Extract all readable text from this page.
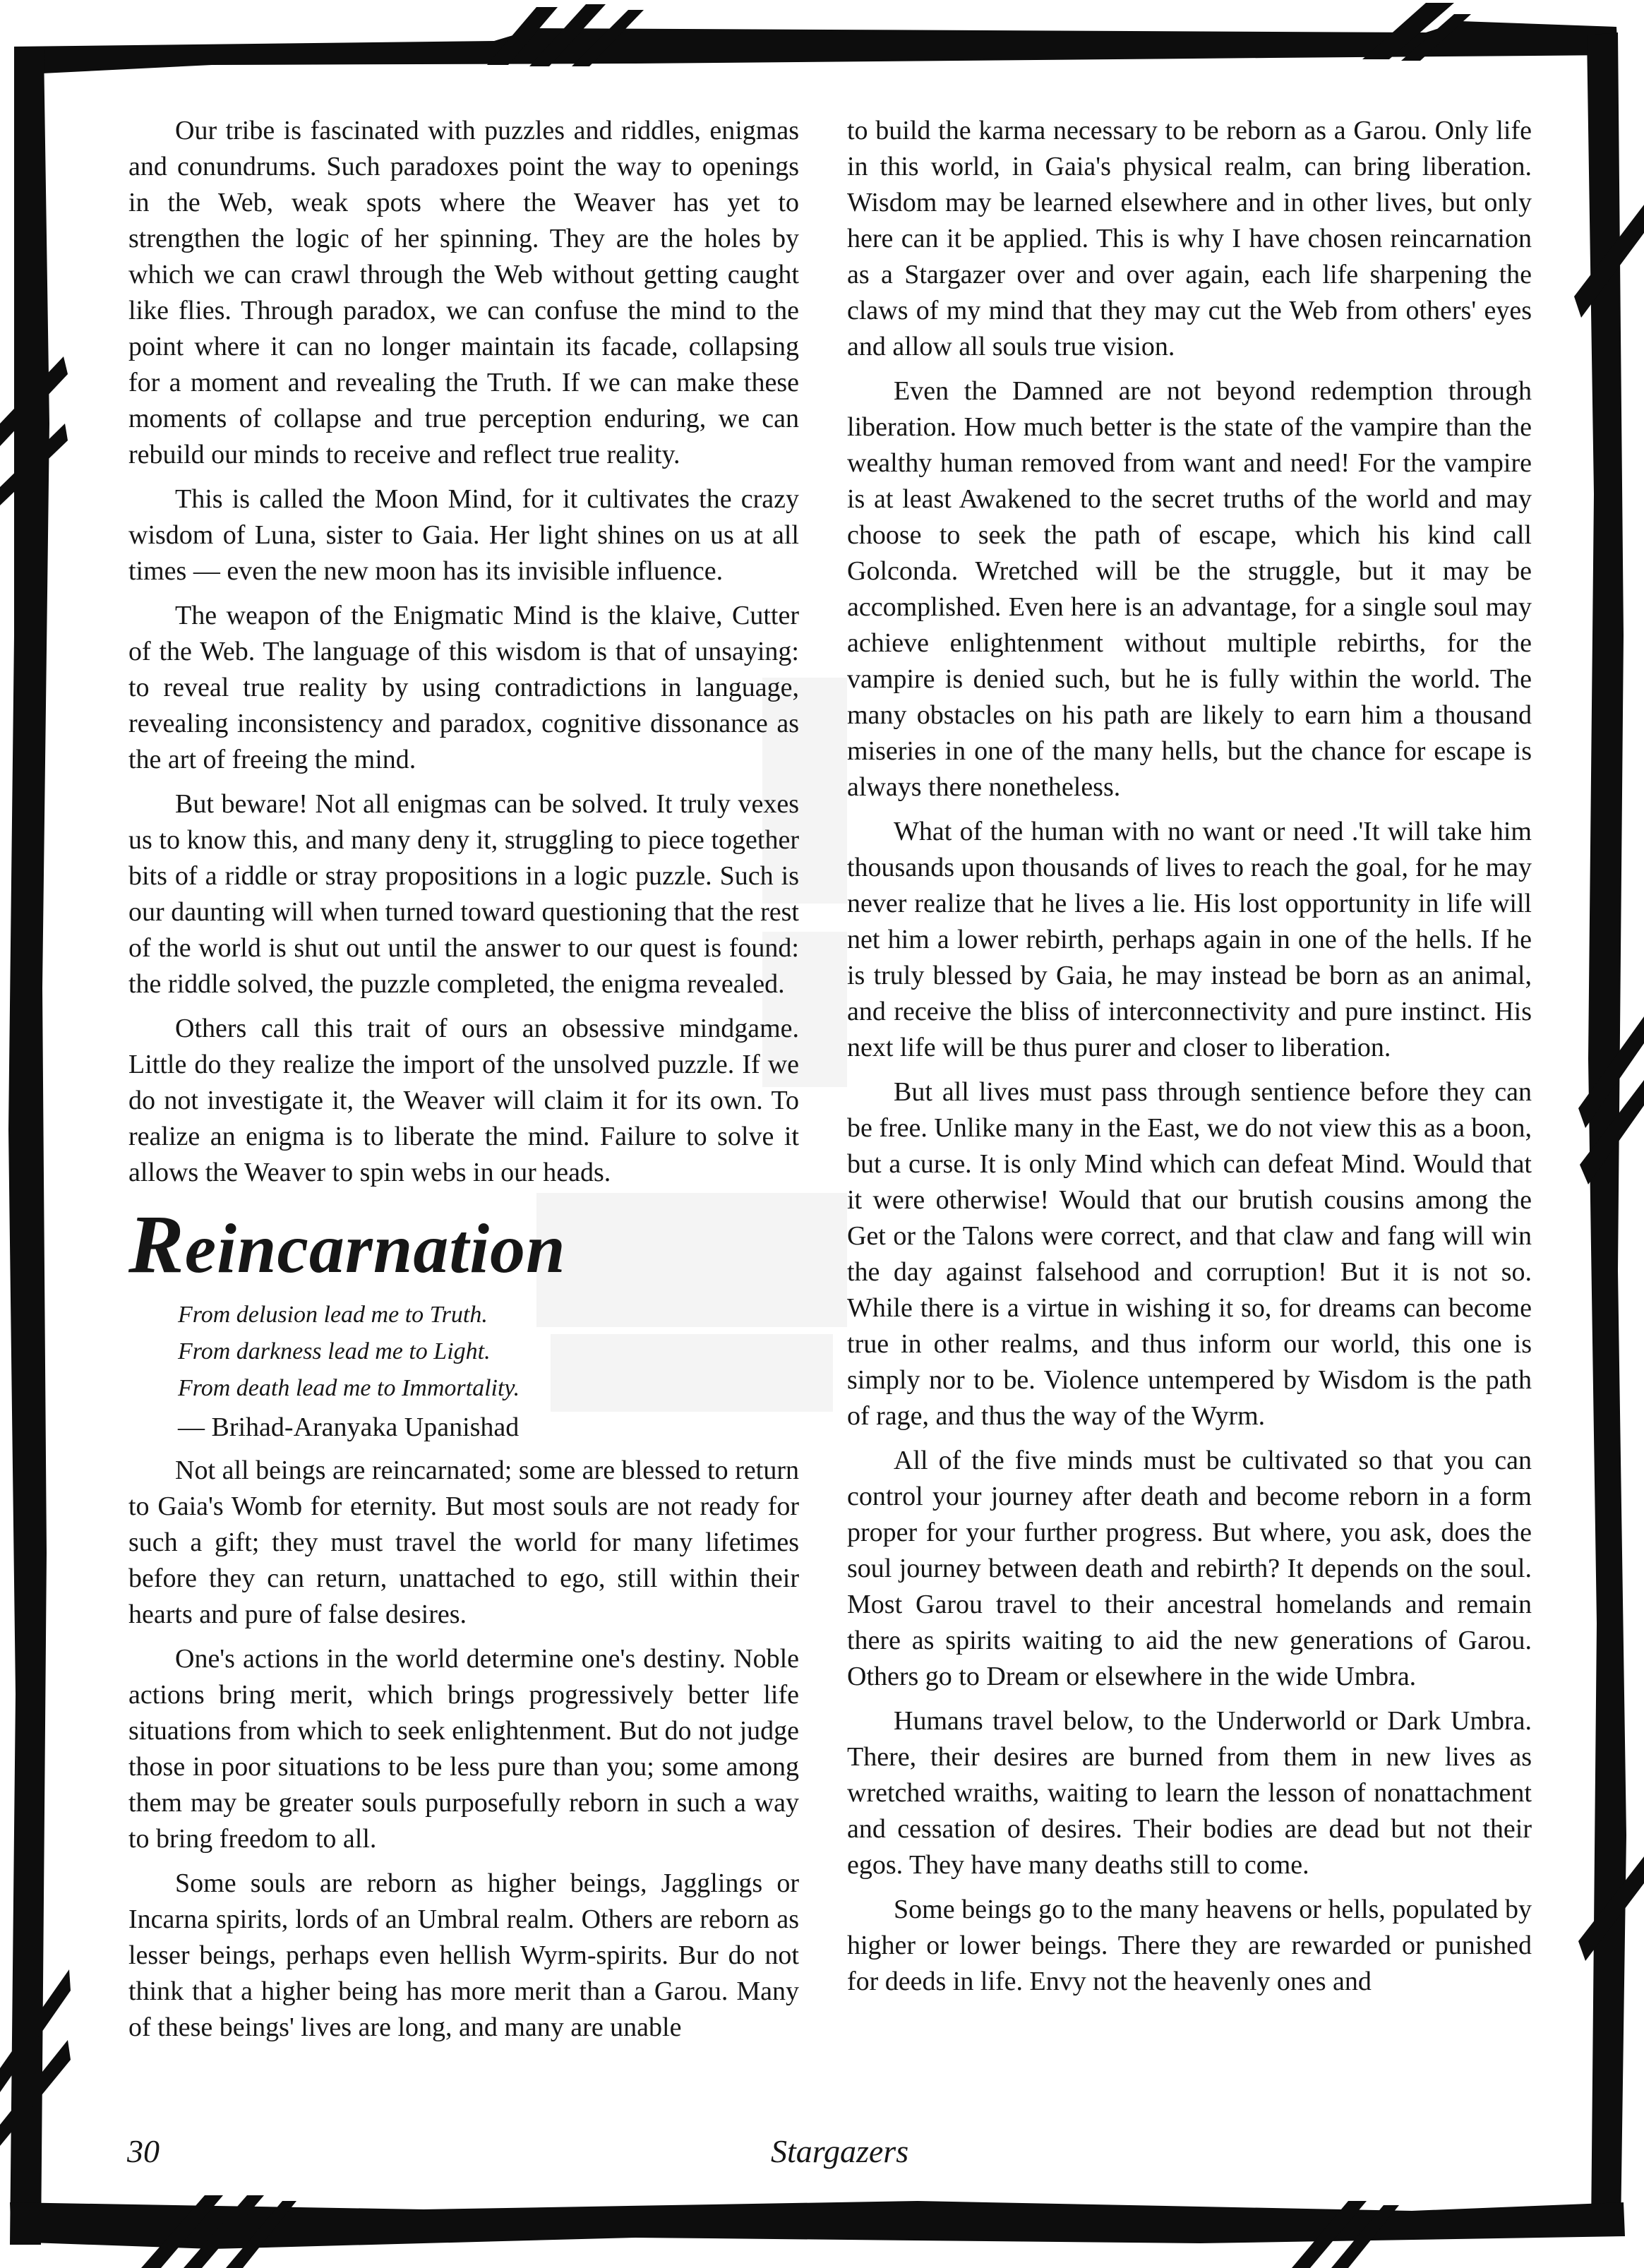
Our tribe is fascinated with puzzles and riddles, enigmas and conundrums. Such paradoxes point the way to openings in the Web, weak spots where the Weaver has yet to strengthen the logic of her spinning. They are the holes by which we can crawl through the Web without getting caught like flies. Through paradox, we can confuse the mind to the point where it can no longer maintain its facade, collapsing for a moment and revealing the Truth. If we can make these moments of collapse and true perception enduring, we can rebuild our minds to receive and reflect true reality.

This is called the Moon Mind, for it cultivates the crazy wisdom of Luna, sister to Gaia. Her light shines on us at all times — even the new moon has its invisible influence.

The weapon of the Enigmatic Mind is the klaive, Cutter of the Web. The language of this wisdom is that of unsaying: to reveal true reality by using contradictions in language, revealing inconsistency and paradox, cognitive dissonance as the art of freeing the mind.

But beware! Not all enigmas can be solved. It truly vexes us to know this, and many deny it, struggling to piece together bits of a riddle or stray propositions in a logic puzzle. Such is our daunting will when turned toward questioning that the rest of the world is shut out until the answer to our quest is found: the riddle solved, the puzzle completed, the enigma revealed.

Others call this trait of ours an obsessive mindgame. Little do they realize the import of the unsolved puzzle. If we do not investigate it, the Weaver will claim it for its own. To realize an enigma is to liberate the mind. Failure to solve it allows the Weaver to spin webs in our heads.

Reincarnation
From delusion lead me to Truth.
From darkness lead me to Light.
From death lead me to Immortality.
— Brihad-Aranyaka Upanishad

Not all beings are reincarnated; some are blessed to return to Gaia's Womb for eternity. But most souls are not ready for such a gift; they must travel the world for many lifetimes before they can return, unattached to ego, still within their hearts and pure of false desires.

One's actions in the world determine one's destiny. Noble actions bring merit, which brings progressively better life situations from which to seek enlightenment. But do not judge those in poor situations to be less pure than you; some among them may be greater souls purposefully reborn in such a way to bring freedom to all.

Some souls are reborn as higher beings, Jagglings or Incarna spirits, lords of an Umbral realm. Others are reborn as lesser beings, perhaps even hellish Wyrm-spirits. Bur do not think that a higher being has more merit than a Garou. Many of these beings' lives are long, and many are unable

to build the karma necessary to be reborn as a Garou. Only life in this world, in Gaia's physical realm, can bring liberation. Wisdom may be learned elsewhere and in other lives, but only here can it be applied. This is why I have chosen reincarnation as a Stargazer over and over again, each life sharpening the claws of my mind that they may cut the Web from others' eyes and allow all souls true vision.

Even the Damned are not beyond redemption through liberation. How much better is the state of the vampire than the wealthy human removed from want and need! For the vampire is at least Awakened to the secret truths of the world and may choose to seek the path of escape, which his kind call Golconda. Wretched will be the struggle, but it may be accomplished. Even here is an advantage, for a single soul may achieve enlightenment without multiple rebirths, for the vampire is denied such, but he is fully within the world. The many obstacles on his path are likely to earn him a thousand miseries in one of the many hells, but the chance for escape is always there nonetheless.

What of the human with no want or need .'It will take him thousands upon thousands of lives to reach the goal, for he may never realize that he lives a lie. His lost opportunity in life will net him a lower rebirth, perhaps again in one of the hells. If he is truly blessed by Gaia, he may instead be born as an animal, and receive the bliss of interconnectivity and pure instinct. His next life will be thus purer and closer to liberation.

But all lives must pass through sentience before they can be free. Unlike many in the East, we do not view this as a boon, but a curse. It is only Mind which can defeat Mind. Would that it were otherwise! Would that our brutish cousins among the Get or the Talons were correct, and that claw and fang will win the day against falsehood and corruption! But it is not so. While there is a virtue in wishing it so, for dreams can become true in other realms, and thus inform our world, this one is simply nor to be. Violence untempered by Wisdom is the path of rage, and thus the way of the Wyrm.

All of the five minds must be cultivated so that you can control your journey after death and become reborn in a form proper for your further progress. But where, you ask, does the soul journey between death and rebirth? It depends on the soul. Most Garou travel to their ancestral homelands and remain there as spirits waiting to aid the new generations of Garou. Others go to Dream or elsewhere in the wide Umbra.

Humans travel below, to the Underworld or Dark Umbra. There, their desires are burned from them in new lives as wretched wraiths, waiting to learn the lesson of nonattachment and cessation of desires. Their bodies are dead but not their egos. They have many deaths still to come.

Some beings go to the many heavens or hells, populated by higher or lower beings. There they are rewarded or punished for deeds in life. Envy not the heavenly ones and

30	Stargazers
